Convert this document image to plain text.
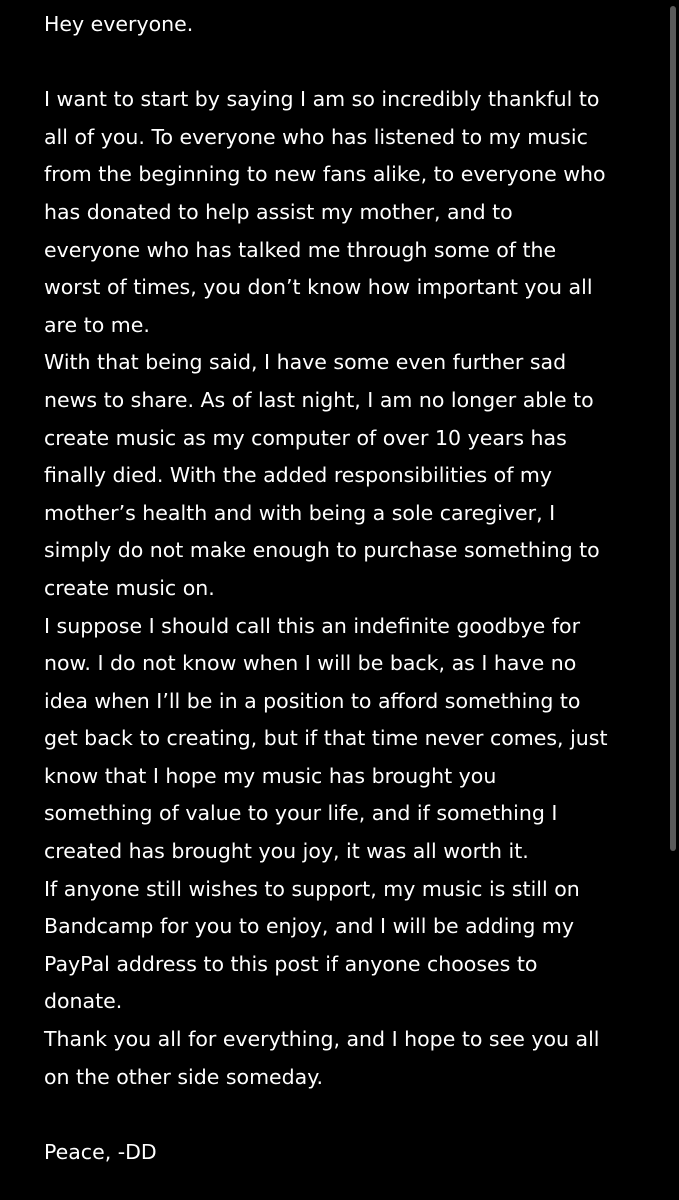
Hey everyone.
I want to start by saying I am so incredibly thankful to
all of you. To everyone who has listened to my music
from the beginning to new fans alike, to everyone who
has donated to help assist my mother, and to
everyone who has talked me through some of the
worst of times, you don’t know how important you all
are to me.
With that being said, I have some even further sad
news to share. As of last night, I am no longer able to
create music as my computer of over 10 years has
finally died. With the added responsibilities of my
mother’s health and with being a sole caregiver, I
simply do not make enough to purchase something to
create music on.
I suppose I should call this an indefinite goodbye for
now. I do not know when I will be back, as I have no
idea when I’ll be in a position to afford something to
get back to creating, but if that time never comes, just
know that I hope my music has brought you
something of value to your life, and if something I
created has brought you joy, it was all worth it.
If anyone still wishes to support, my music is still on
Bandcamp for you to enjoy, and I will be adding my
PayPal address to this post if anyone chooses to
donate.
Thank you all for everything, and I hope to see you all
on the other side someday.
Peace, -DD
